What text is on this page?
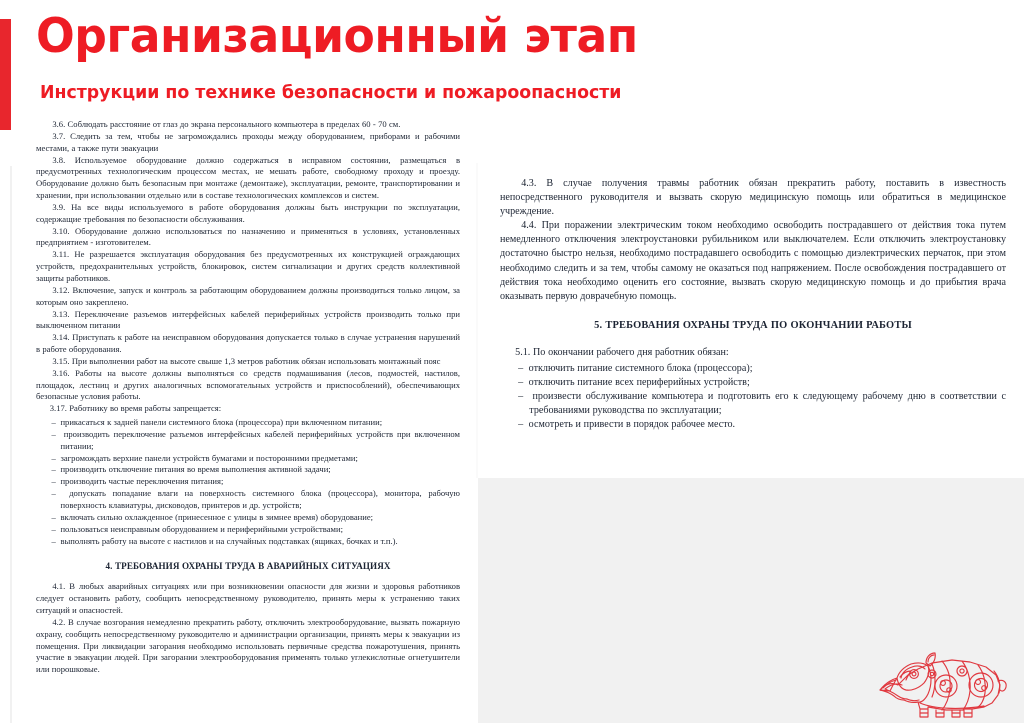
Организационный этап
Инструкции по технике безопасности и пожароопасности

3.6. Соблюдать расстояние от глаз до экрана персонального компьютера в пределах 60 - 70 см.

3.7. Следить за тем, чтобы не загромождались проходы между оборудованием, приборами и рабочими местами, а также пути эвакуации

3.8. Используемое оборудование должно содержаться в исправном состоянии, размещаться в предусмотренных технологическим процессом местах, не мешать работе, свободному проходу и проезду. Оборудование должно быть безопасным при монтаже (демонтаже), эксплуатации, ремонте, транспортировании и хранении, при использовании отдельно или в составе технологических комплексов и систем.

3.9. На все виды используемого в работе оборудования должны быть инструкции по эксплуатации, содержащие требования по безопасности обслуживания.

3.10. Оборудование должно использоваться по назначению и применяться в условиях, установленных предприятием - изготовителем.

3.11. Не разрешается эксплуатация оборудования без предусмотренных их конструкцией ограждающих устройств, предохранительных устройств, блокировок, систем сигнализации и других средств коллективной защиты работников.

3.12. Включение, запуск и контроль за работающим оборудованием должны производиться только лицом, за которым оно закреплено.

3.13. Переключение разъемов интерфейсных кабелей периферийных устройств производить только при выключенном питании

3.14. Приступать к работе на неисправном оборудования допускается только в случае устранения нарушений в работе оборудования.

3.15. При выполнении работ на высоте свыше 1,3 метров работник обязан использовать монтажный пояс

3.16. Работы на высоте должны выполняться со средств подмашивания (лесов, подмостей, настилов, площадок, лестниц и других аналогичных вспомогательных устройств и приспособлений), обеспечивающих безопасные условия работы.

3.17. Работнику во время работы запрещается:

–  прикасаться к задней панели системного блока (процессора) при включенном питании;
–  производить переключение разъемов интерфейсных кабелей периферийных устройств при включенном питании;
–  загромождать верхние панели устройств бумагами и посторонними предметами;
–  производить отключение питания во время выполнения активной задачи;
–  производить частые переключения питания;
–  допускать попадание влаги на поверхность системного блока (процессора), монитора, рабочую поверхность клавиатуры, дисководов, принтеров и др. устройств;
–  включать сильно охлажденное (принесенное с улицы в зимнее время) оборудование;
–  пользоваться неисправным оборудованием и периферийными устройствами;
–  выполнять работу на высоте с настилов и на случайных подставках (ящиках, бочках и т.п.).
4. ТРЕБОВАНИЯ ОХРАНЫ ТРУДА В АВАРИЙНЫХ СИТУАЦИЯХ

4.1. В любых аварийных ситуациях или при возникновении опасности для жизни и здоровья работников следует остановить работу, сообщить непосредственному руководителю, принять меры к устранению таких ситуаций и опасностей.

4.2. В случае возгорания немедленно прекратить работу, отключить электрооборудование, вызвать пожарную охрану, сообщить непосредственному руководителю и администрации организации, принять меры к эвакуации из помещения. При ликвидации загорания необходимо использовать первичные средства пожаротушения, принять участие в эвакуации людей. При загорании электрооборудования применять только углекислотные огнетушители или порошковые.

4.3. В случае получения травмы работник обязан прекратить работу, поставить в известность непосредственного руководителя и вызвать скорую медицинскую помощь или обратиться в медицинское учреждение.

4.4. При поражении электрическим током необходимо освободить пострадавшего от действия тока путем немедленного отключения электроустановки рубильником или выключателем. Если отключить электроустановку достаточно быстро нельзя, необходимо пострадавшего освободить с помощью диэлектрических перчаток, при этом необходимо следить и за тем, чтобы самому не оказаться под напряжением. После освобождения пострадавшего от действия тока необходимо оценить его состояние, вызвать скорую медицинскую помощь и до прибытия врача оказывать первую доврачебную помощь.

5. ТРЕБОВАНИЯ ОХРАНЫ ТРУДА ПО ОКОНЧАНИИ РАБОТЫ

5.1. По окончании рабочего дня работник обязан:

–  отключить питание системного блока (процессора);
–  отключить питание всех периферийных устройств;
–  произвести обслуживание компьютера и подготовить его к следующему рабочему дню в соответствии с требованиями руководства по эксплуатации;
–  осмотреть и привести в порядок рабочее место.
